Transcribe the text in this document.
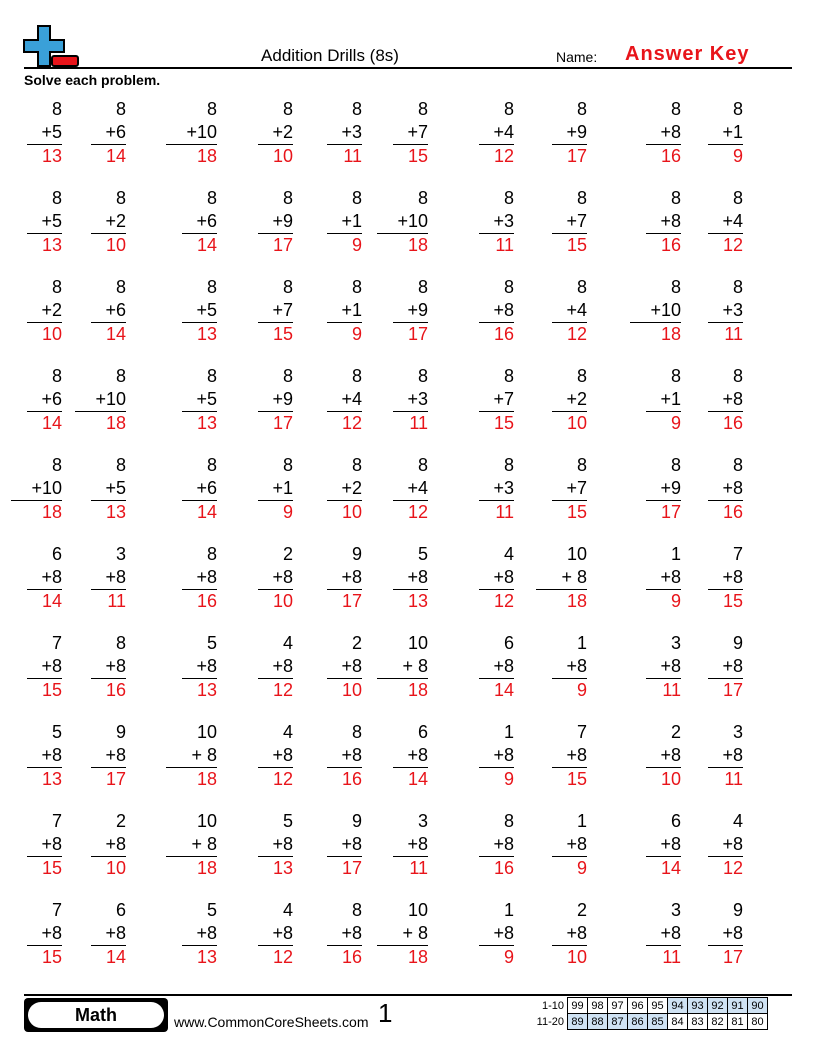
Addition Drills (8s)	Name: Answer Key
Solve each problem.
8
+5
13
8
+6
14
8
+10
18
8
+2
10
8
+3
11
8
+7
15
8
+4
12
8
+9
17
8
+8
16
8
+1
9
8
+5
13
8
+2
10
8
+6
14
8
+9
17
8
+1
9
8
+10
18
8
+3
11
8
+7
15
8
+8
16
8
+4
12
8
+2
10
8
+6
14
8
+5
13
8
+7
15
8
+1
9
8
+9
17
8
+8
16
8
+4
12
8
+10
18
8
+3
11
8
+6
14
8
+10
18
8
+5
13
8
+9
17
8
+4
12
8
+3
11
8
+7
15
8
+2
10
8
+1
9
8
+8
16
8
+10
18
8
+5
13
8
+6
14
8
+1
9
8
+2
10
8
+4
12
8
+3
11
8
+7
15
8
+9
17
8
+8
16
6
+8
14
3
+8
11
8
+8
16
2
+8
10
9
+8
17
5
+8
13
4
+8
12
10
+ 8
18
1
+8
9
7
+8
15
7
+8
15
8
+8
16
5
+8
13
4
+8
12
2
+8
10
10
+ 8
18
6
+8
14
1
+8
9
3
+8
11
9
+8
17
5
+8
13
9
+8
17
10
+ 8
18
4
+8
12
8
+8
16
6
+8
14
1
+8
9
7
+8
15
2
+8
10
3
+8
11
7
+8
15
2
+8
10
10
+ 8
18
5
+8
13
9
+8
17
3
+8
11
8
+8
16
1
+8
9
6
+8
14
4
+8
12
7
+8
15
6
+8
14
5
+8
13
4
+8
12
8
+8
16
10
+ 8
18
1
+8
9
2
+8
10
3
+8
11
9
+8
17
Math	www.CommonCoreSheets.com 1	1-10	99	98	97	96	95	94	93	92	91	90
11-20	89	88	87	86	85	84	83	82	81	80
